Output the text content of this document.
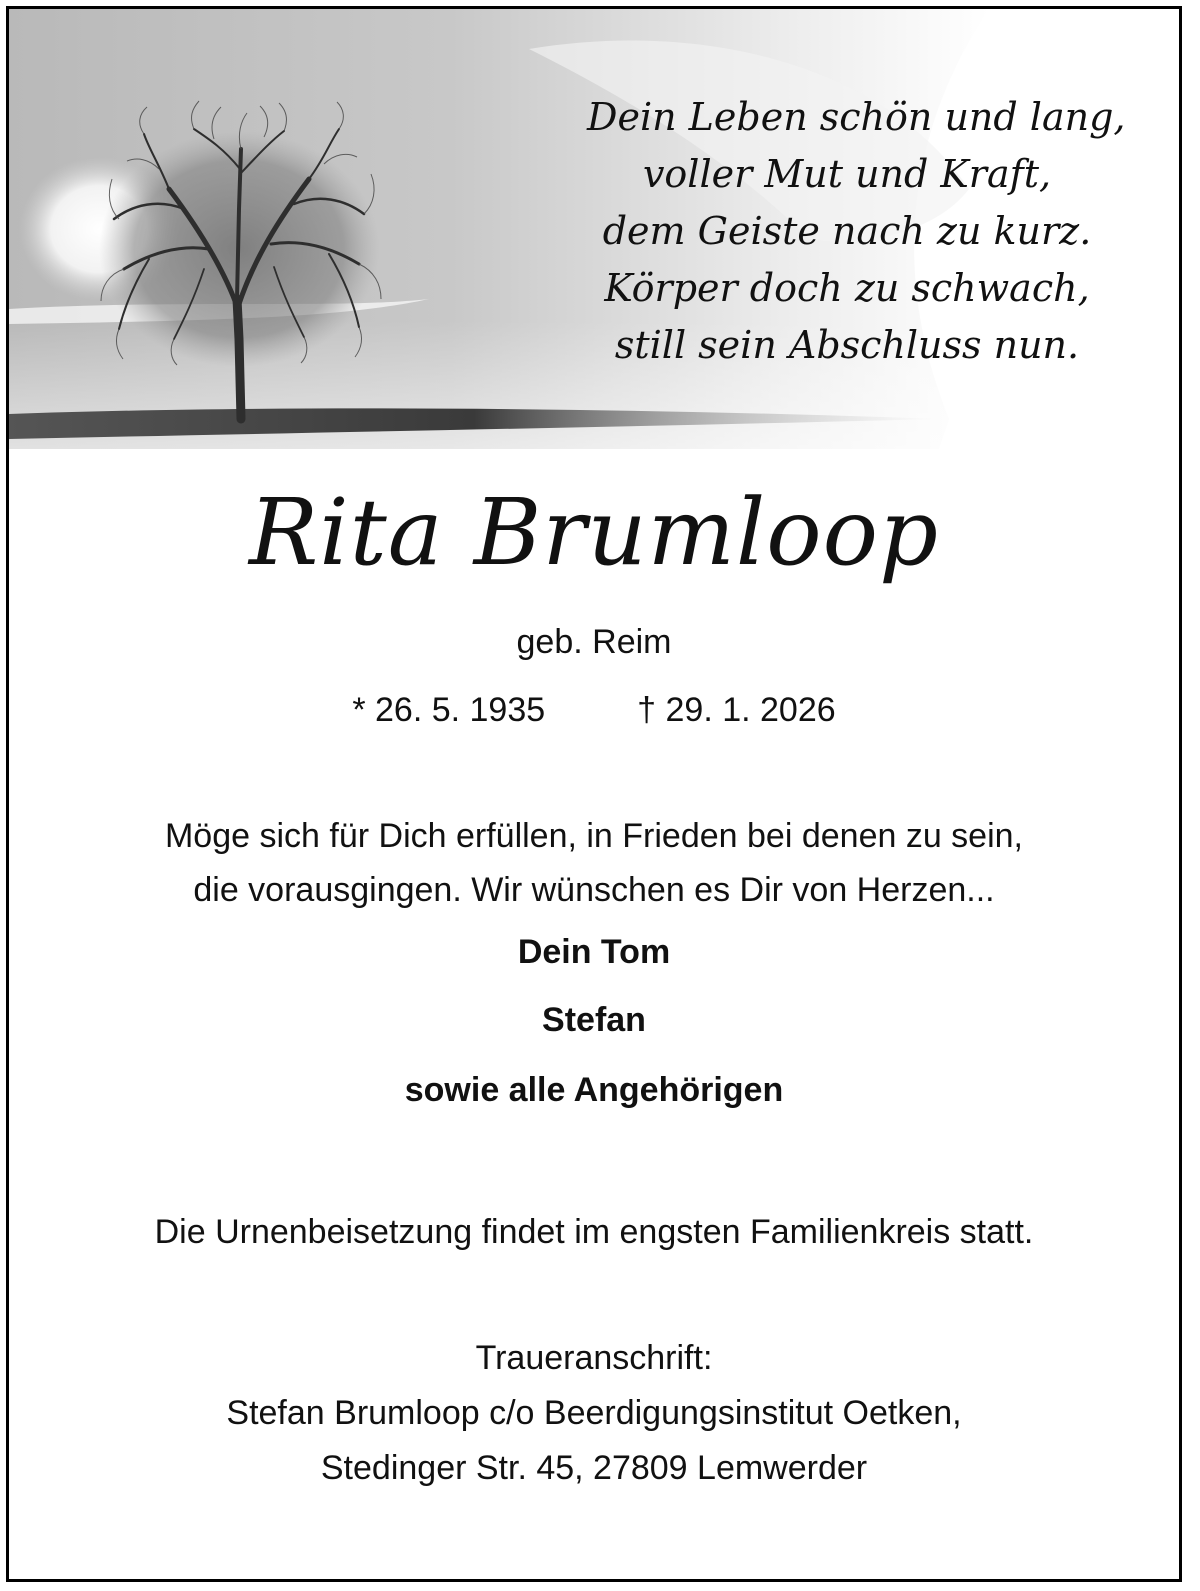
Dein Leben schön und lang,
voller Mut und Kraft,
dem Geiste nach zu kurz.
Körper doch zu schwach,
still sein Abschluss nun.
Rita Brumloop
geb. Reim
* 26. 5. 1935	† 29. 1. 2026
Möge sich für Dich erfüllen, in Frieden bei denen zu sein,
die vorausgingen. Wir wünschen es Dir von Herzen...
Dein Tom
Stefan
sowie alle Angehörigen
Die Urnenbeisetzung findet im engsten Familienkreis statt.
Traueranschrift:
Stefan Brumloop c/o Beerdigungsinstitut Oetken,
Stedinger Str. 45, 27809 Lemwerder
